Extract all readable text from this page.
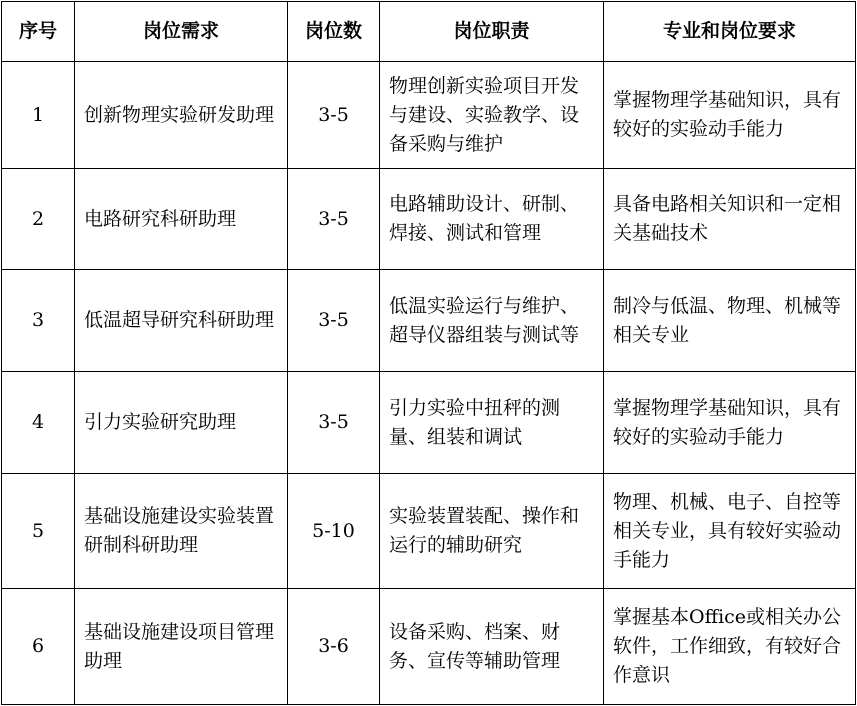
序号	岗位需求	岗位数	岗位职责	专业和岗位要求
1	创新物理实验研发助理	3-5	物理创新实验项目开发与建设、实验教学、设备采购与维护	掌握物理学基础知识，具有较好的实验动手能力
2	电路研究科研助理	3-5	电路辅助设计、研制、焊接、测试和管理	具备电路相关知识和一定相关基础技术
3	低温超导研究科研助理	3-5	低温实验运行与维护、超导仪器组装与测试等	制冷与低温、物理、机械等相关专业
4	引力实验研究助理	3-5	引力实验中扭秤的测量、组装和调试	掌握物理学基础知识，具有较好的实验动手能力
5	基础设施建设实验装置研制科研助理	5-10	实验装置装配、操作和运行的辅助研究	物理、机械、电子、自控等相关专业，具有较好实验动手能力
6	基础设施建设项目管理助理	3-6	设备采购、档案、财务、宣传等辅助管理	掌握基本Office或相关办公软件，工作细致，有较好合作意识
